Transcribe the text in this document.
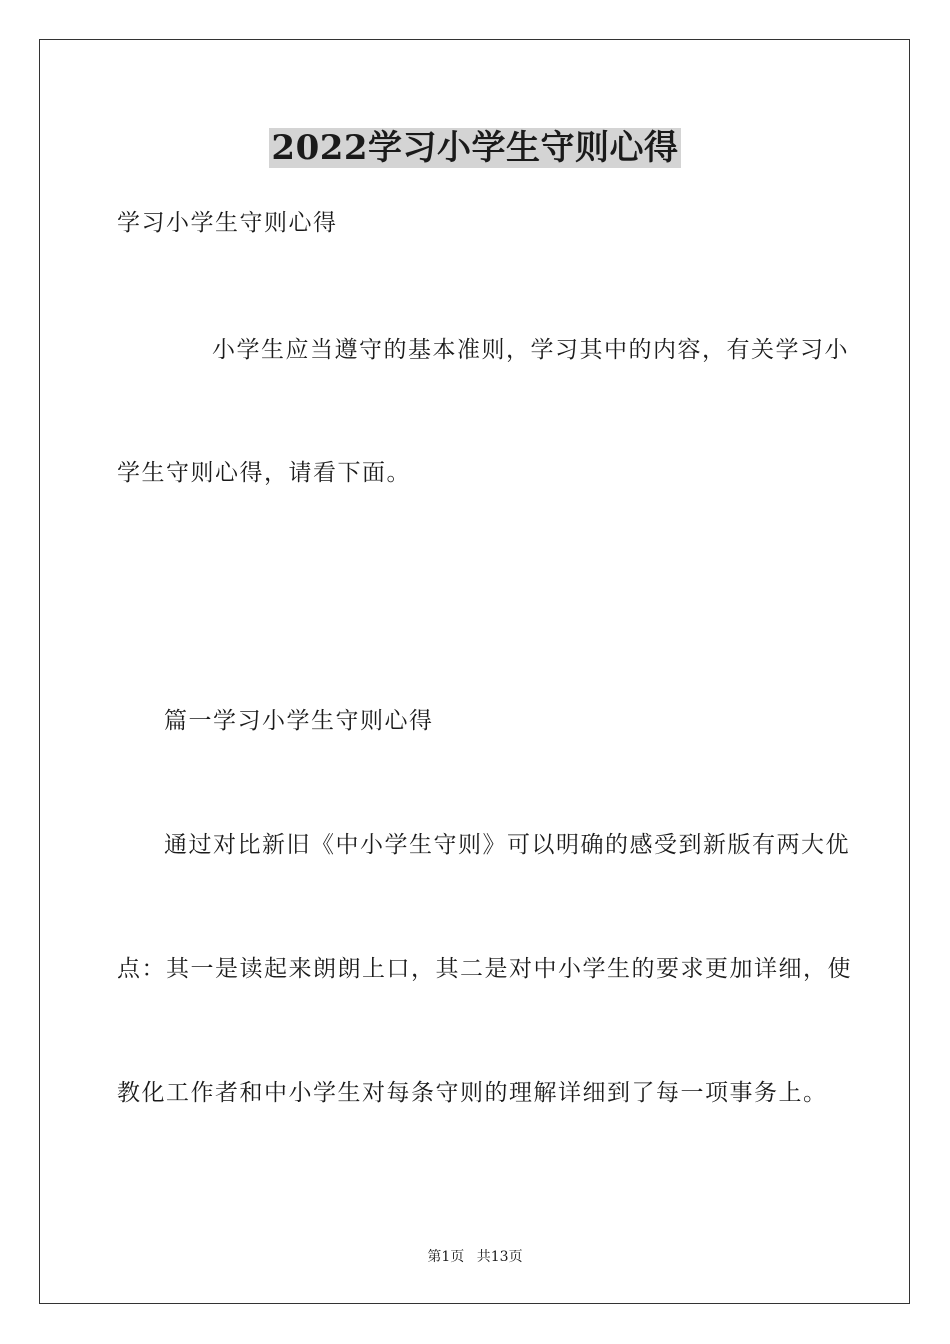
2022学习小学生守则心得
学习小学生守则心得
小学生应当遵守的基本准则，学习其中的内容，有关学习小
学生守则心得，请看下面。
篇一学习小学生守则心得
通过对比新旧《中小学生守则》可以明确的感受到新版有两大优
点：其一是读起来朗朗上口，其二是对中小学生的要求更加详细，使
教化工作者和中小学生对每条守则的理解详细到了每一项事务上。
第1页 共13页
